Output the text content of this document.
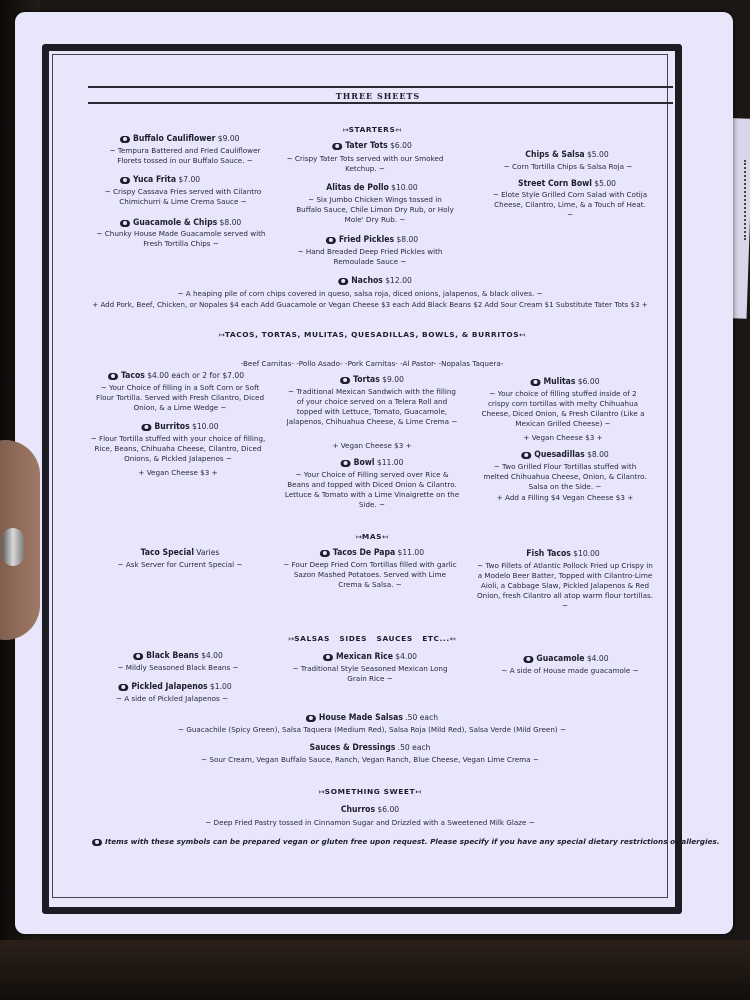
THREE SHEETS
↦STARTERS↤
Buffalo Cauliflower $9.00
~ Tempura Battered and Fried Cauliflower Florets tossed in our Buffalo Sauce. ~
Yuca Frita $7.00
~ Crispy Cassava Fries served with Cilantro Chimichurri & Lime Crema Sauce ~
Guacamole & Chips $8.00
~ Chunky House Made Guacamole served with Fresh Tortilla Chips ~
Tater Tots $6.00
~ Crispy Tater Tots served with our Smoked Ketchup. ~
Alitas de Pollo $10.00
~ Six Jumbo Chicken Wings tossed in Buffalo Sauce, Chile Limon Dry Rub, or Holy Mole' Dry Rub. ~
Fried Pickles $8.00
~ Hand Breaded Deep Fried Pickles with Remoulade Sauce ~
Chips & Salsa $5.00
~ Corn Tortilla Chips & Salsa Roja ~
Street Corn Bowl $5.00
~ Elote Style Grilled Corn Salad with Cotija Cheese, Cilantro, Lime, & a Touch of Heat. ~
Nachos $12.00
~ A heaping pile of corn chips covered in queso, salsa roja, diced onions, jalapenos, & black olives. ~
+ Add Pork, Beef, Chicken, or Nopales $4 each Add Guacamole or Vegan Cheese $3 each Add Black Beans $2 Add Sour Cream $1 Substitute Tater Tots $3 +
↦TACOS, TORTAS, MULITAS, QUESADILLAS, BOWLS, & BURRITOS↤
-Beef Carnitas- -Pollo Asado- -Pork Carnitas- -Al Pastor- -Nopalas Taquera-
Tacos $4.00 each or 2 for $7.00
~ Your Choice of filling in a Soft Corn or Soft Flour Tortilla. Served with Fresh Cilantro, Diced Onion, & a Lime Wedge ~
Burritos $10.00
~ Flour Tortilla stuffed with your choice of filling, Rice, Beans, Chihuaha Cheese, Cilantro, Diced Onions, & Pickled Jalapenos ~
+ Vegan Cheese $3 +
Tortas $9.00
~ Traditional Mexican Sandwich with the filling of your choice served on a Telera Roll and topped with Lettuce, Tomato, Guacamole, Jalapenos, Chihuahua Cheese, & Lime Crema ~
+ Vegan Cheese $3 +
Bowl $11.00
~ Your Choice of Filling served over Rice & Beans and topped with Diced Onion & Cilantro. Lettuce & Tomato with a Lime Vinaigrette on the Side. ~
Mulitas $6.00
~ Your choice of filling stuffed inside of 2 crispy corn tortillas with melty Chihuahua Cheese, Diced Onion, & Fresh Cilantro (Like a Mexican Grilled Cheese) ~
+ Vegan Cheese $3 +
Quesadillas $8.00
~ Two Grilled Flour Tortillas stuffed with melted Chihuahua Cheese, Onion, & Cilantro. Salsa on the Side. ~
+ Add a Filling $4 Vegan Cheese $3 +
↦MAS↤
Taco Special Varies
~ Ask Server for Current Special ~
Tacos De Papa $11.00
~ Four Deep Fried Corn Tortillas filled with garlic Sazon Mashed Potatoes. Served with Lime Crema & Salsa. ~
Fish Tacos $10.00
~ Two Fillets of Atlantic Pollock Fried up Crispy in a Modelo Beer Batter, Topped with Cilantro-Lime Aioli, a Cabbage Slaw, Pickled Jalapenos & Red Onion, fresh Cilantro all atop warm flour tortillas. ~
↦SALSAS   SIDES   SAUCES   ETC...↤
Black Beans $4.00
~ Mildly Seasoned Black Beans ~
Pickled Jalapenos $1.00
~ A side of Pickled Jalapenos ~
Mexican Rice $4.00
~ Traditional Style Seasoned Mexican Long Grain Rice ~
Guacamole $4.00
~ A side of House made guacamole ~
House Made Salsas .50 each
~ Guacachile (Spicy Green), Salsa Taquera (Medium Red), Salsa Roja (Mild Red), Salsa Verde (Mild Green) ~
Sauces & Dressings .50 each
~ Sour Cream, Vegan Buffalo Sauce, Ranch, Vegan Ranch, Blue Cheese, Vegan Lime Crema ~
↦SOMETHING SWEET↤
Churros $6.00
~ Deep Fried Pastry tossed in Cinnamon Sugar and Drizzled with a Sweetened Milk Glaze ~
Items with these symbols can be prepared vegan or gluten free upon request. Please specify if you have any special dietary restrictions or allergies.
